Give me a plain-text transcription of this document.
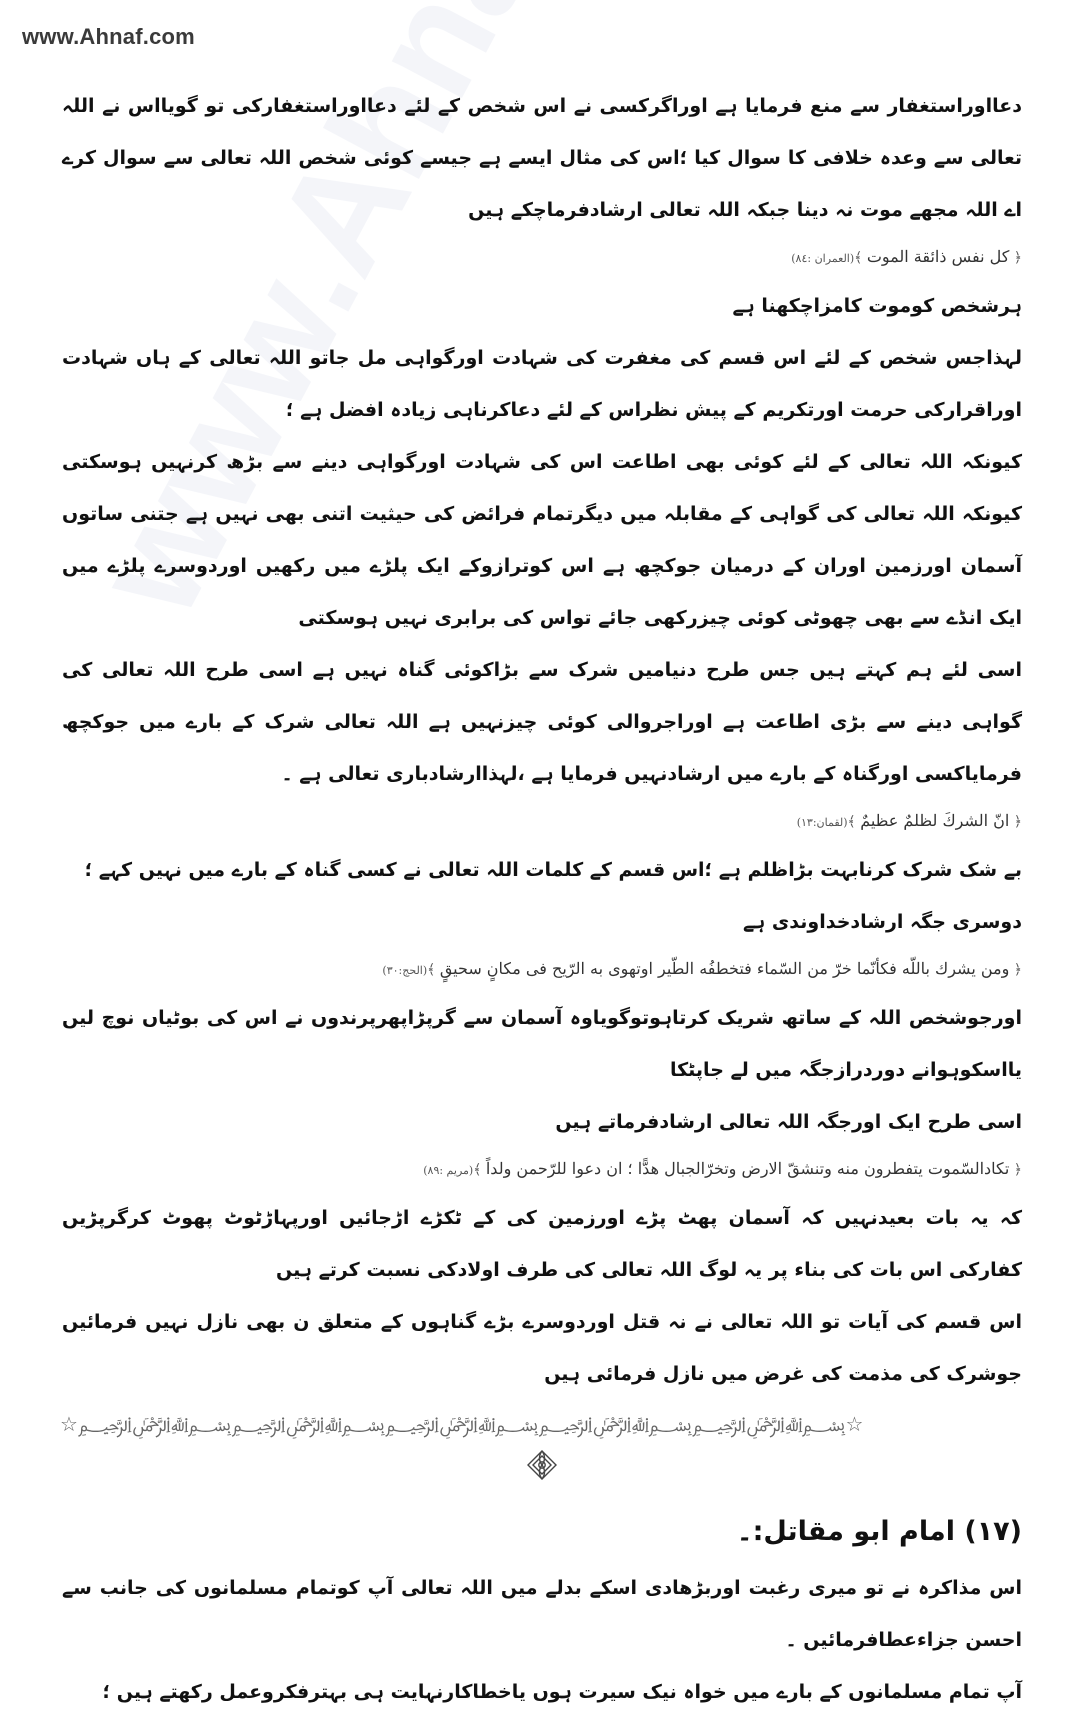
www.Ahnaf.com

دعااوراستغفار سے منع فرمایا ہے اوراگرکسی نے اس شخص کے لئے دعااوراستغفارکی تو گویااس نے اللہ تعالی سے وعدہ خلافی کا سوال کیا ؛اس کی مثال ایسے ہے جیسے کوئی شخص اللہ تعالی سے سوال کرے اے اللہ مجھے موت نہ دینا جبکہ اللہ تعالی ارشادفرماچکے ہیں

﴿ كل نفس ذائقة الموت ﴾(العمران :٨٤)

ہرشخص کوموت کامزاچکھنا ہے

لہذاجس شخص کے لئے اس قسم کی مغفرت کی شہادت اورگواہی مل جاتو اللہ تعالی کے ہاں شہادت اوراقرارکی حرمت اورتکریم کے پیش نظراس کے لئے دعاکرناہی زیادہ افضل ہے ؛

کیونکہ اللہ تعالی کے لئے کوئی بھی اطاعت اس کی شہادت اورگواہی دینے سے بڑھ کرنہیں ہوسکتی کیونکہ اللہ تعالی کی گواہی کے مقابلہ میں دیگرتمام فرائض کی حیثیت اتنی بھی نہیں ہے جتنی ساتوں آسمان اورزمین اوران کے درمیان جوکچھ ہے اس کوترازوکے ایک پلڑے میں رکھیں اوردوسرے پلڑے میں ایک انڈے سے بھی چھوٹی کوئی چیزرکھی جائے تواس کی برابری نہیں ہوسکتی

اسی لئے ہم کہتے ہیں جس طرح دنیامیں شرک سے بڑاکوئی گناہ نہیں ہے اسی طرح اللہ تعالی کی گواہی دینے سے بڑی اطاعت ہے اوراجروالی کوئی چیزنہیں ہے اللہ تعالی شرک کے بارے میں جوکچھ فرمایاکسی اورگناہ کے بارے میں ارشادنہیں فرمایا ہے ،لہذاارشادباری تعالی ہے ۔

﴿ انّ الشركَ لظلمٌ عظيمٌ ﴾(لقمان:١٣)

بے شک شرک کرنابہت بڑاظلم ہے ؛اس قسم کے کلمات اللہ تعالی نے کسی گناہ کے بارے میں نہیں کہے ؛

دوسری جگہ ارشادخداوندی ہے

﴿ ومن يشرك باللّه فكأنّما خرّ من السّماء فتخطفُه الطّير اوتهوى به الرّيح فى مكانٍ سحيقٍ ﴾(الحج:٣٠)

اورجوشخص اللہ کے ساتھ شریک کرتاہوتوگویاوہ آسمان سے گرپڑاپھرپرندوں نے اس کی بوٹیاں نوچ لیں یااسکوہوانے دوردرازجگہ میں لے جاپٹکا

اسی طرح ایک اورجگہ اللہ تعالی ارشادفرماتے ہیں

﴿ تكادالسّموت يتفطرون منه وتنشقّ الارض وتخرّالجبال هدًّا ؛ ان دعوا للرّحمن ولداً ﴾(مريم :٨٩)

کہ یہ بات بعیدنہیں کہ آسمان پھٹ پڑے اورزمین کی کے ٹکڑے اڑجائیں اورپہاڑٹوٹ پھوٹ کرگرپڑیں کفارکی اس بات کی بناء پر یہ لوگ اللہ تعالی کی طرف اولادکی نسبت کرتے ہیں

اس قسم کی آیات تو اللہ تعالی نے نہ قتل اوردوسرے بڑے گناہوں کے متعلق ن بھی نازل نہیں فرمائیں جوشرک کی مذمت کی غرض میں نازل فرمائی ہیں

☆﷽﷽﷽﷽﷽☆
(۱۷) امام ابو مقاتل:۔

اس مذاکرہ نے تو میری رغبت اوربڑھادی اسکے بدلے میں اللہ تعالی آپ کوتمام مسلمانوں کی جانب سے احسن جزاءعطافرمائیں ۔

آپ تمام مسلمانوں کے بارے میں خواہ نیک سیرت ہوں یاخطاکارنہایت ہی بہترفکروعمل رکھتے ہیں ؛
